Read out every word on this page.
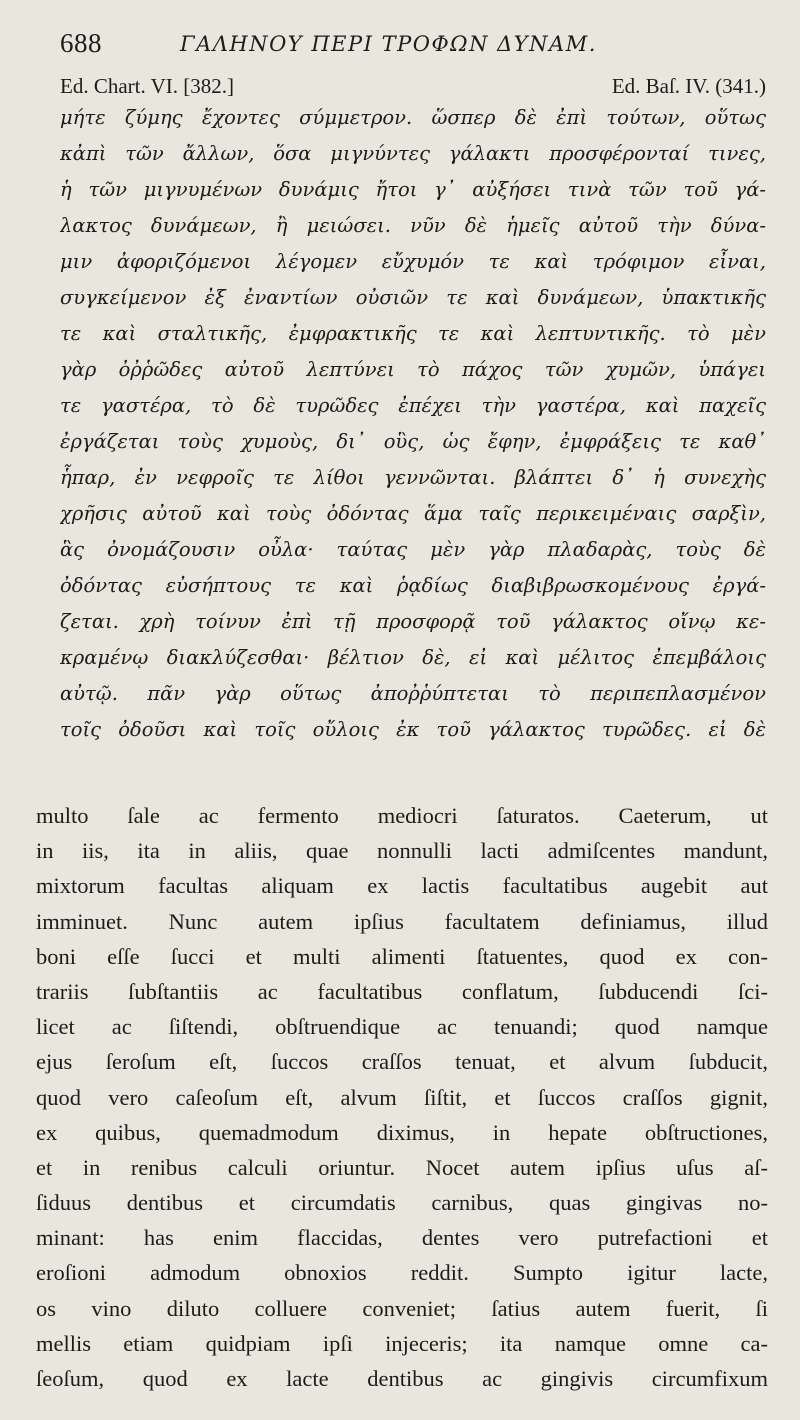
688	ΓΑΛΗΝΟΥ ΠΕΡΙ ΤΡΟΦΩΝ ΔΥΝΑΜ.
Ed. Chart. VI. [382.]	Ed. Baſ. IV. (341.)
μήτε ζύμης ἔχοντες σύμμετρον. ὥσπερ δὲ ἐπὶ τούτων, οὕτως
κἀπὶ τῶν ἄλλων, ὅσα μιγνύντες γάλακτι προσφέρονταί τινες,
ἡ τῶν μιγνυμένων δυνάμις ἤτοι γ᾽ αὐξήσει τινὰ τῶν τοῦ γά-
λακτος δυνάμεων, ἢ μειώσει. νῦν δὲ ἡμεῖς αὐτοῦ τὴν δύνα-
μιν ἀφοριζόμενοι λέγομεν εὔχυμόν τε καὶ τρόφιμον εἶναι,
συγκείμενον ἐξ ἐναντίων οὐσιῶν τε καὶ δυνάμεων, ὑπακτικῆς
τε καὶ σταλτικῆς, ἐμφρακτικῆς τε καὶ λεπτυντικῆς. τὸ μὲν
γὰρ ὀῤῥῶδες αὐτοῦ λεπτύνει τὸ πάχος τῶν χυμῶν, ὑπάγει
τε γαστέρα, τὸ δὲ τυρῶδες ἐπέχει τὴν γαστέρα, καὶ παχεῖς
ἐργάζεται τοὺς χυμοὺς, δι᾽ οὓς, ὡς ἔφην, ἐμφράξεις τε καθ᾽
ἧπαρ, ἐν νεφροῖς τε λίθοι γεννῶνται. βλάπτει δ᾽ ἡ συνεχὴς
χρῆσις αὐτοῦ καὶ τοὺς ὀδόντας ἅμα ταῖς περικειμέναις σαρξὶν,
ἃς ὀνομάζουσιν οὖλα· ταύτας μὲν γὰρ πλαδαρὰς, τοὺς δὲ
ὀδόντας εὐσήπτους τε καὶ ῥᾳδίως διαβιβρωσκομένους ἐργά-
ζεται. χρὴ τοίνυν ἐπὶ τῇ προσφορᾷ τοῦ γάλακτος οἴνῳ κε-
κραμένῳ διακλύζεσθαι· βέλτιον δὲ, εἰ καὶ μέλιτος ἐπεμβάλοις
αὐτῷ. πᾶν γὰρ οὕτως ἀποῤῥύπτεται τὸ περιπεπλασμένον
τοῖς ὀδοῦσι καὶ τοῖς οὔλοις ἐκ τοῦ γάλακτος τυρῶδες. εἰ δὲ
multo ſale ac fermento mediocri ſaturatos. Caeterum, ut
in iis, ita in aliis, quae nonnulli lacti admiſcentes mandunt,
mixtorum facultas aliquam ex lactis facultatibus augebit aut
imminuet. Nunc autem ipſius facultatem definiamus, illud
boni eſſe ſucci et multi alimenti ſtatuentes, quod ex con-
trariis ſubſtantiis ac facultatibus conflatum, ſubducendi ſci-
licet ac ſiſtendi, obſtruendique ac tenuandi; quod namque
ejus ſeroſum eſt, ſuccos craſſos tenuat, et alvum ſubducit,
quod vero caſeoſum eſt, alvum ſiſtit, et ſuccos craſſos gignit,
ex quibus, quemadmodum diximus, in hepate obſtructiones,
et in renibus calculi oriuntur. Nocet autem ipſius uſus aſ-
ſiduus dentibus et circumdatis carnibus, quas gingivas no-
minant: has enim flaccidas, dentes vero putrefactioni et
eroſioni admodum obnoxios reddit. Sumpto igitur lacte,
os vino diluto colluere conveniet; ſatius autem fuerit, ſi
mellis etiam quidpiam ipſi injeceris; ita namque omne ca-
ſeoſum, quod ex lacte dentibus ac gingivis circumfixum
